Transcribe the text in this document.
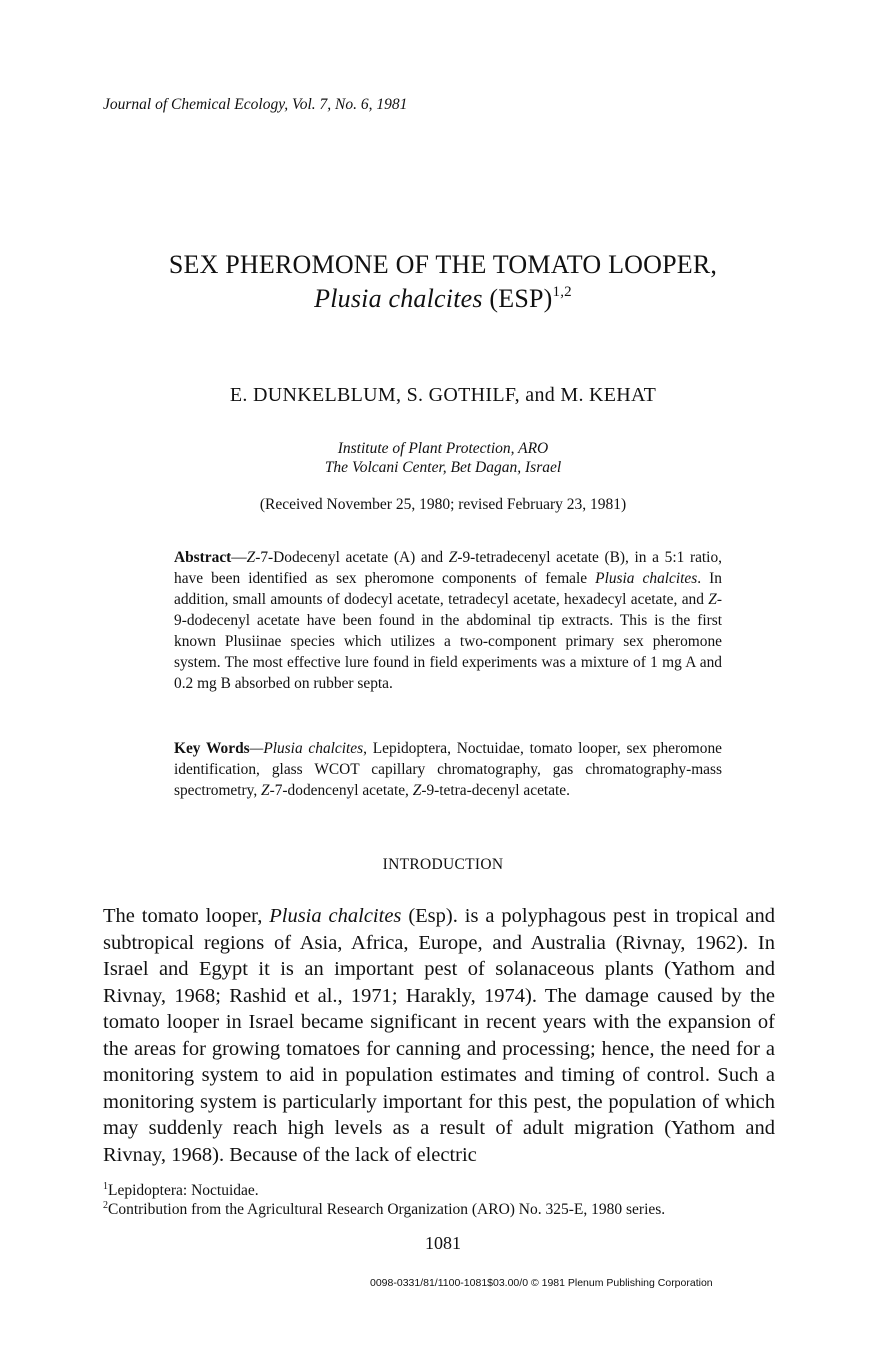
Journal of Chemical Ecology, Vol. 7, No. 6, 1981
SEX PHEROMONE OF THE TOMATO LOOPER,
Plusia chalcites (ESP)$^{1,2}$
E. DUNKELBLUM, S. GOTHILF, and M. KEHAT
Institute of Plant Protection, ARO
The Volcani Center, Bet Dagan, Israel
(Received November 25, 1980; revised February 23, 1981)
Abstract—Z-7-Dodecenyl acetate (A) and Z-9-tetradecenyl acetate (B), in a 5:1 ratio, have been identified as sex pheromone components of female Plusia chalcites. In addition, small amounts of dodecyl acetate, tetradecyl acetate, hexadecyl acetate, and Z-9-dodecenyl acetate have been found in the abdominal tip extracts. This is the first known Plusiinae species which utilizes a two-component primary sex pheromone system. The most effective lure found in field experiments was a mixture of 1 mg A and 0.2 mg B absorbed on rubber septa.
Key Words—Plusia chalcites, Lepidoptera, Noctuidae, tomato looper, sex pheromone identification, glass WCOT capillary chromatography, gas chromatography-mass spectrometry, Z-7-dodencenyl acetate, Z-9-tetra-decenyl acetate.
INTRODUCTION
The tomato looper, Plusia chalcites (Esp). is a polyphagous pest in tropical and subtropical regions of Asia, Africa, Europe, and Australia (Rivnay, 1962). In Israel and Egypt it is an important pest of solanaceous plants (Yathom and Rivnay, 1968; Rashid et al., 1971; Harakly, 1974). The damage caused by the tomato looper in Israel became significant in recent years with the expansion of the areas for growing tomatoes for canning and processing; hence, the need for a monitoring system to aid in population estimates and timing of control. Such a monitoring system is particularly important for this pest, the population of which may suddenly reach high levels as a result of adult migration (Yathom and Rivnay, 1968). Because of the lack of electric
$^1$Lepidoptera: Noctuidae.
$^2$Contribution from the Agricultural Research Organization (ARO) No. 325-E, 1980 series.
1081
0098-0331/81/1100-1081$03.00/0 © 1981 Plenum Publishing Corporation
